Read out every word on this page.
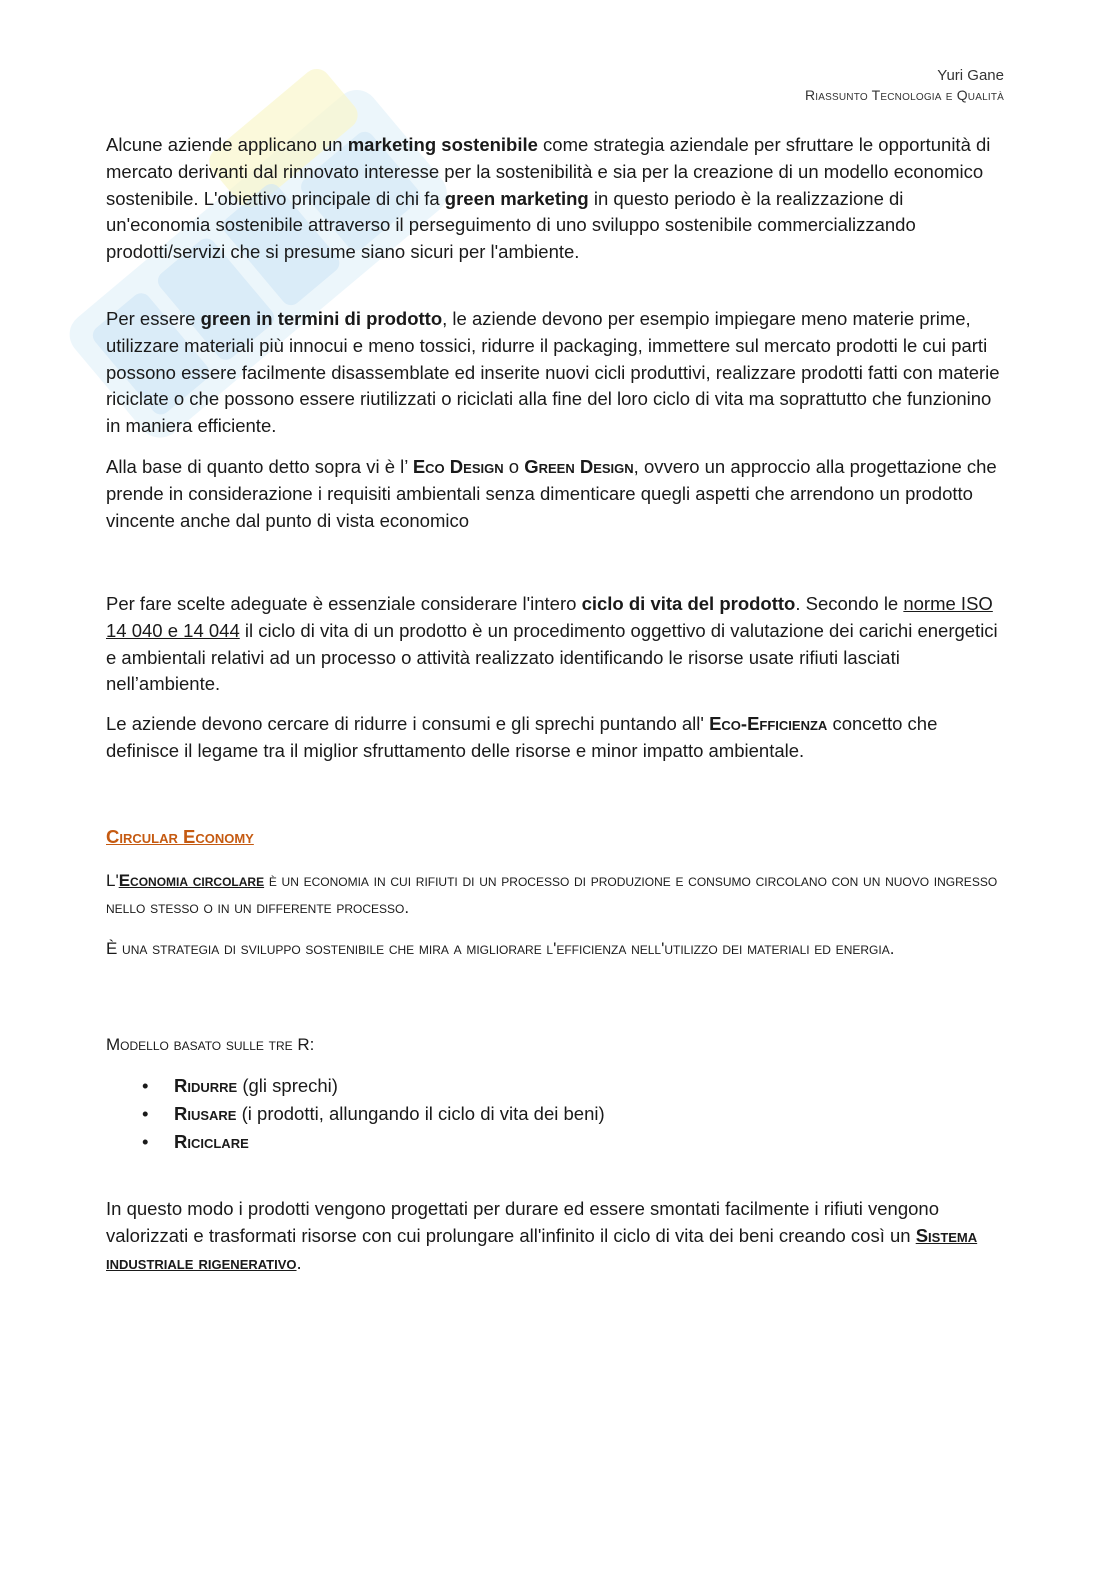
Yuri Gane
Riassunto Tecnologia e Qualità

Alcune aziende applicano un marketing sostenibile come strategia aziendale per sfruttare le opportunità di mercato derivanti dal rinnovato interesse per la sostenibilità e sia per la creazione di un modello economico sostenibile. L'obiettivo principale di chi fa green marketing in questo periodo è la realizzazione di un'economia sostenibile attraverso il perseguimento di uno sviluppo sostenibile commercializzando prodotti/servizi che si presume siano sicuri per l'ambiente.

Per essere green in termini di prodotto, le aziende devono per esempio impiegare meno materie prime, utilizzare materiali più innocui e meno tossici, ridurre il packaging, immettere sul mercato prodotti le cui parti possono essere facilmente disassemblate ed inserite nuovi cicli produttivi, realizzare prodotti fatti con materie riciclate o che possono essere riutilizzati o riciclati alla fine del loro ciclo di vita ma soprattutto che funzionino in maniera efficiente.

Alla base di quanto detto sopra vi è l’ Eco Design o Green Design, ovvero un approccio alla progettazione che prende in considerazione i requisiti ambientali senza dimenticare quegli aspetti che arrendono un prodotto vincente anche dal punto di vista economico

Per fare scelte adeguate è essenziale considerare l'intero ciclo di vita del prodotto. Secondo le norme ISO 14 040 e 14 044 il ciclo di vita di un prodotto è un procedimento oggettivo di valutazione dei carichi energetici e ambientali relativi ad un processo o attività realizzato identificando le risorse usate rifiuti lasciati nell’ambiente.

Le aziende devono cercare di ridurre i consumi e gli sprechi puntando all' Eco-Efficienza concetto che definisce il legame tra il miglior sfruttamento delle risorse e minor impatto ambientale.

Circular Economy

L'Economia circolare è un economia in cui rifiuti di un processo di produzione e consumo circolano con un nuovo ingresso nello stesso o in un differente processo.

È una strategia di sviluppo sostenibile che mira a migliorare l'efficienza nell'utilizzo dei materiali ed energia.

Modello basato sulle tre R:

• Ridurre (gli sprechi)
• Riusare (i prodotti, allungando il ciclo di vita dei beni)
• Riciclare

In questo modo i prodotti vengono progettati per durare ed essere smontati facilmente i rifiuti vengono valorizzati e trasformati risorse con cui prolungare all'infinito il ciclo di vita dei beni creando così un Sistema industriale rigenerativo.
